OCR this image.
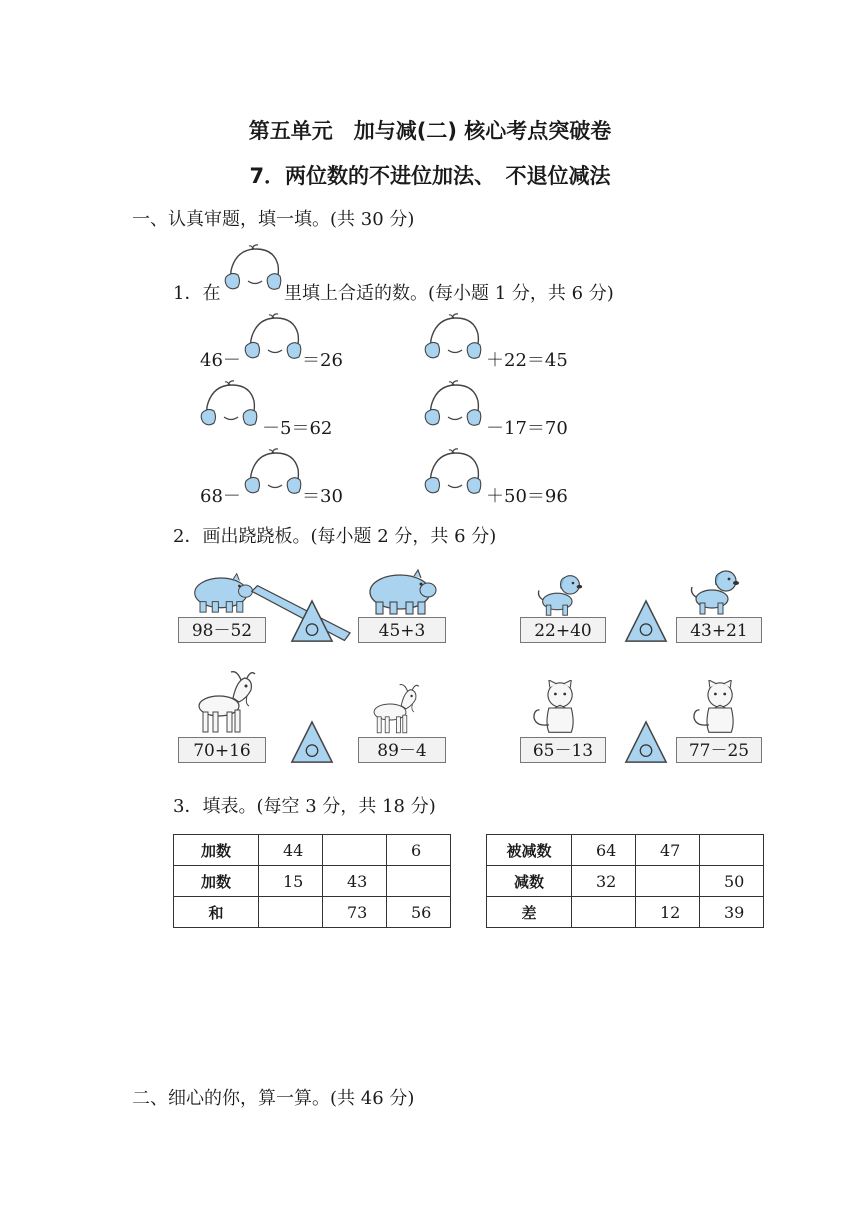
第五单元　加与减(二) 核心考点突破卷
7．两位数的不进位加法、　不退位减法
一、认真审题，填一填。(共 30 分)
1．在	里填上合适的数。(每小题 1 分，共 6 分)
46－	＝26	＋22＝45
－5＝62	－17＝70
68－	＝30	＋50＝96
2．画出跷跷板。(每小题 2 分，共 6 分)
98－52	45+3	22+40	43+21
70+16	89－4	65－13	77－25
3．填表。(每空 3 分，共 18 分)
加数	44		6
加数	15	43	
和		73	56
被减数	64	47	
减数	32		50
差		12	39
二、细心的你，算一算。(共 46 分)
